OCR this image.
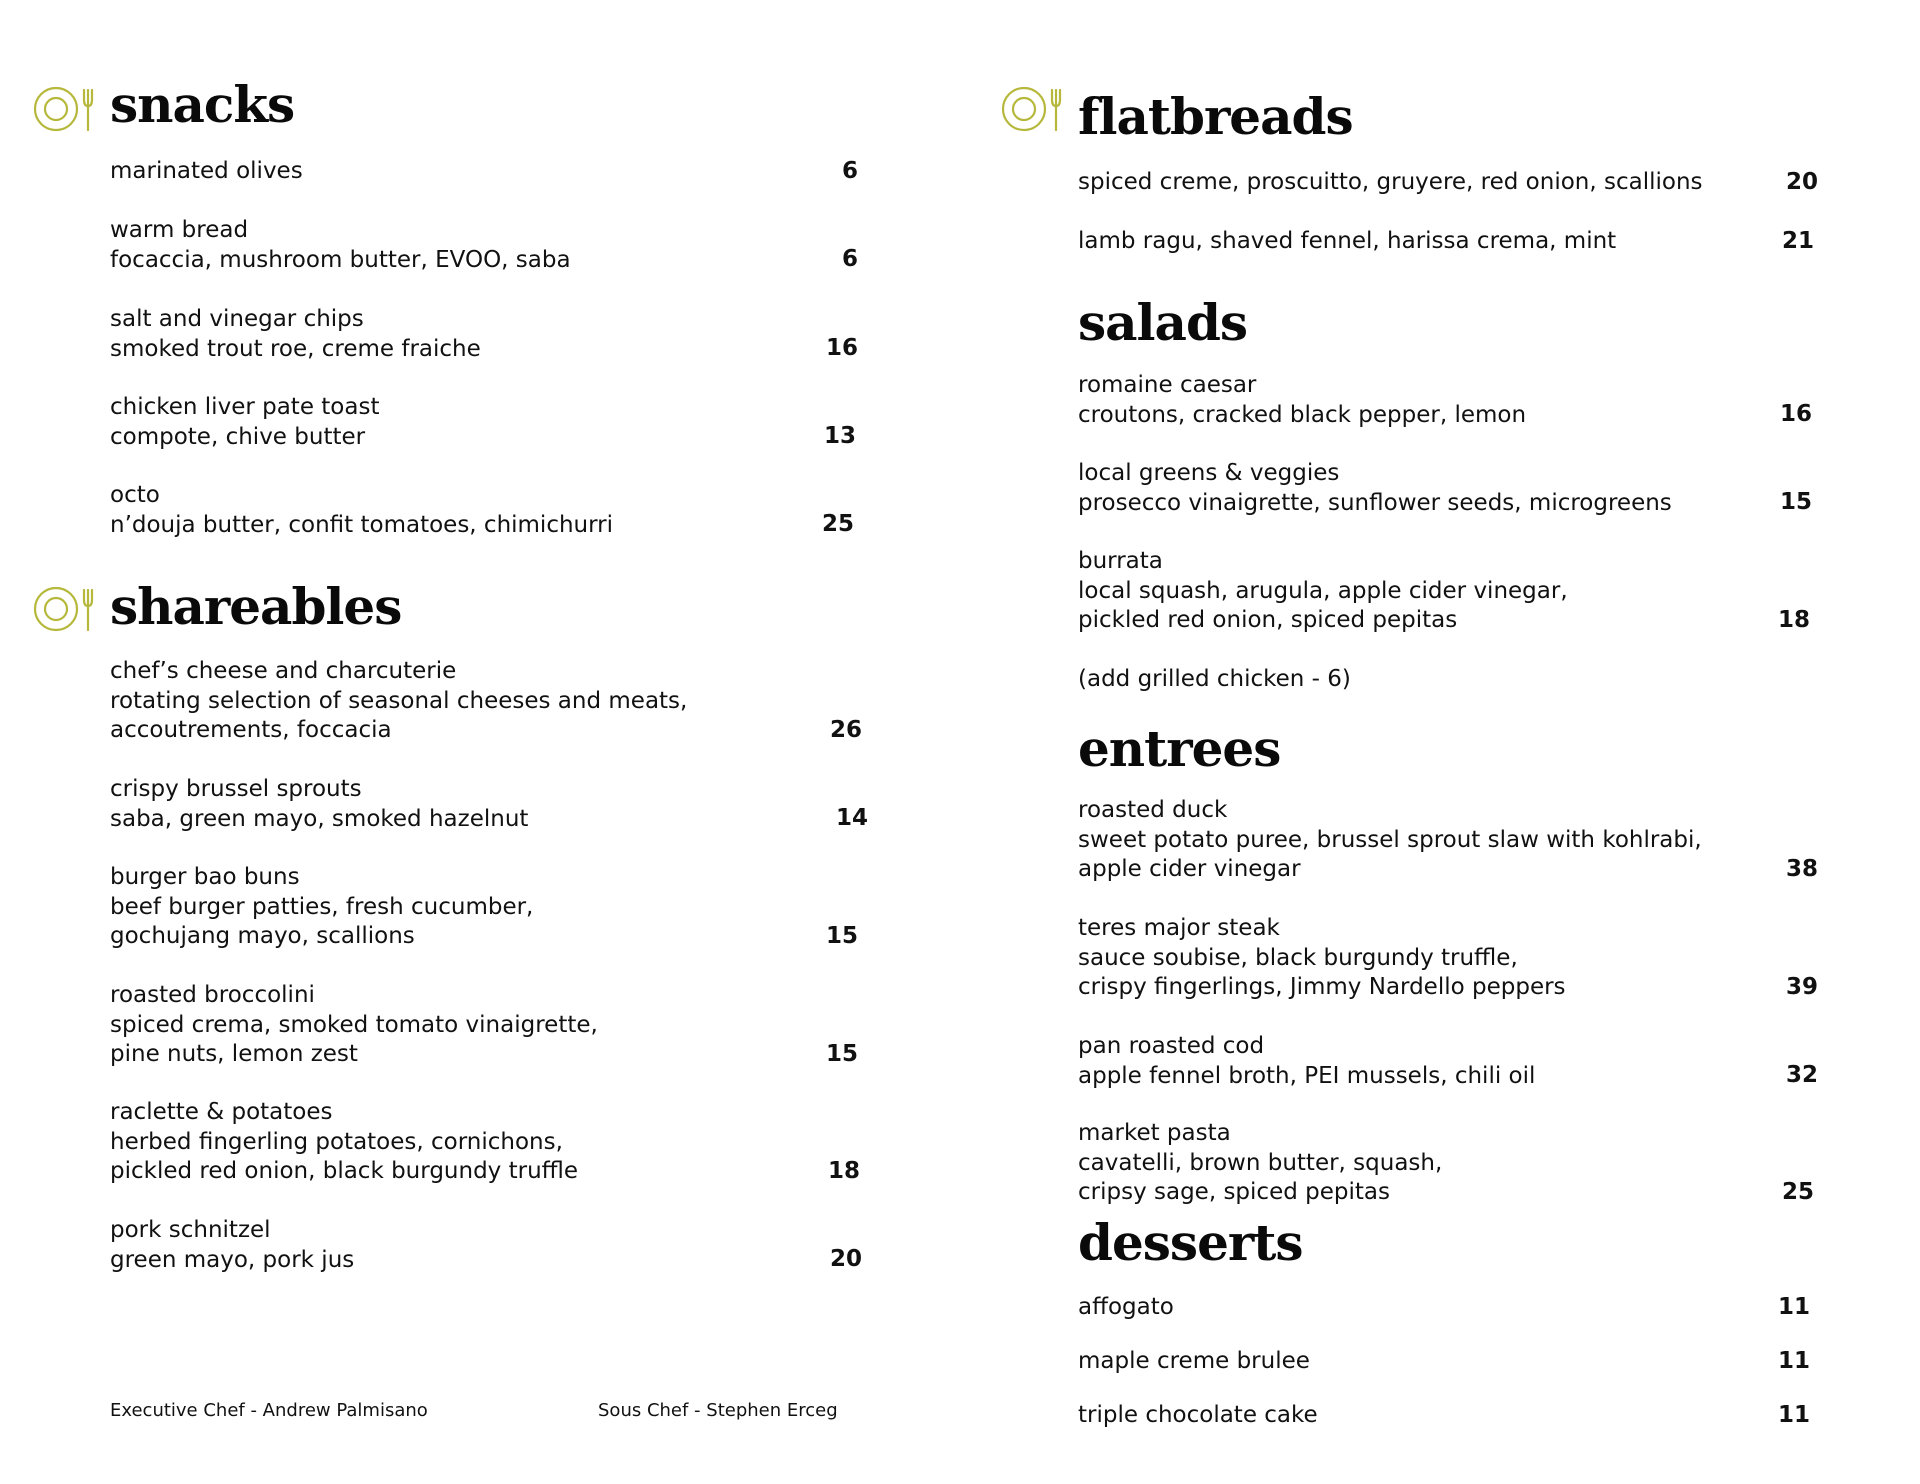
snacks
marinated olives	6
warm bread
focaccia, mushroom butter, EVOO, saba	6
salt and vinegar chips
smoked trout roe, creme fraiche	16
chicken liver pate toast
compote, chive butter	13
octo
n’douja butter, confit tomatoes, chimichurri	25
shareables
chef’s cheese and charcuterie
rotating selection of seasonal cheeses and meats,
accoutrements, foccacia	26
crispy brussel sprouts
saba, green mayo, smoked hazelnut	14
burger bao buns
beef burger patties, fresh cucumber,
gochujang mayo, scallions	15
roasted broccolini
spiced crema, smoked tomato vinaigrette,
pine nuts, lemon zest	15
raclette & potatoes
herbed fingerling potatoes, cornichons,
pickled red onion, black burgundy truffle	18
pork schnitzel
green mayo, pork jus	20
Executive Chef - Andrew Palmisano	Sous Chef - Stephen Erceg
flatbreads
spiced creme, proscuitto, gruyere, red onion, scallions	20
lamb ragu, shaved fennel, harissa crema, mint	21
salads
romaine caesar
croutons, cracked black pepper, lemon	16
local greens & veggies
prosecco vinaigrette, sunflower seeds, microgreens	15
burrata
local squash, arugula, apple cider vinegar,
pickled red onion, spiced pepitas	18
(add grilled chicken - 6)
entrees
roasted duck
sweet potato puree, brussel sprout slaw with kohlrabi,
apple cider vinegar	38
teres major steak
sauce soubise, black burgundy truffle,
crispy fingerlings, Jimmy Nardello peppers	39
pan roasted cod
apple fennel broth, PEI mussels, chili oil	32
market pasta
cavatelli, brown butter, squash,
cripsy sage, spiced pepitas	25
desserts
affogato	11
maple creme brulee	11
triple chocolate cake	11
